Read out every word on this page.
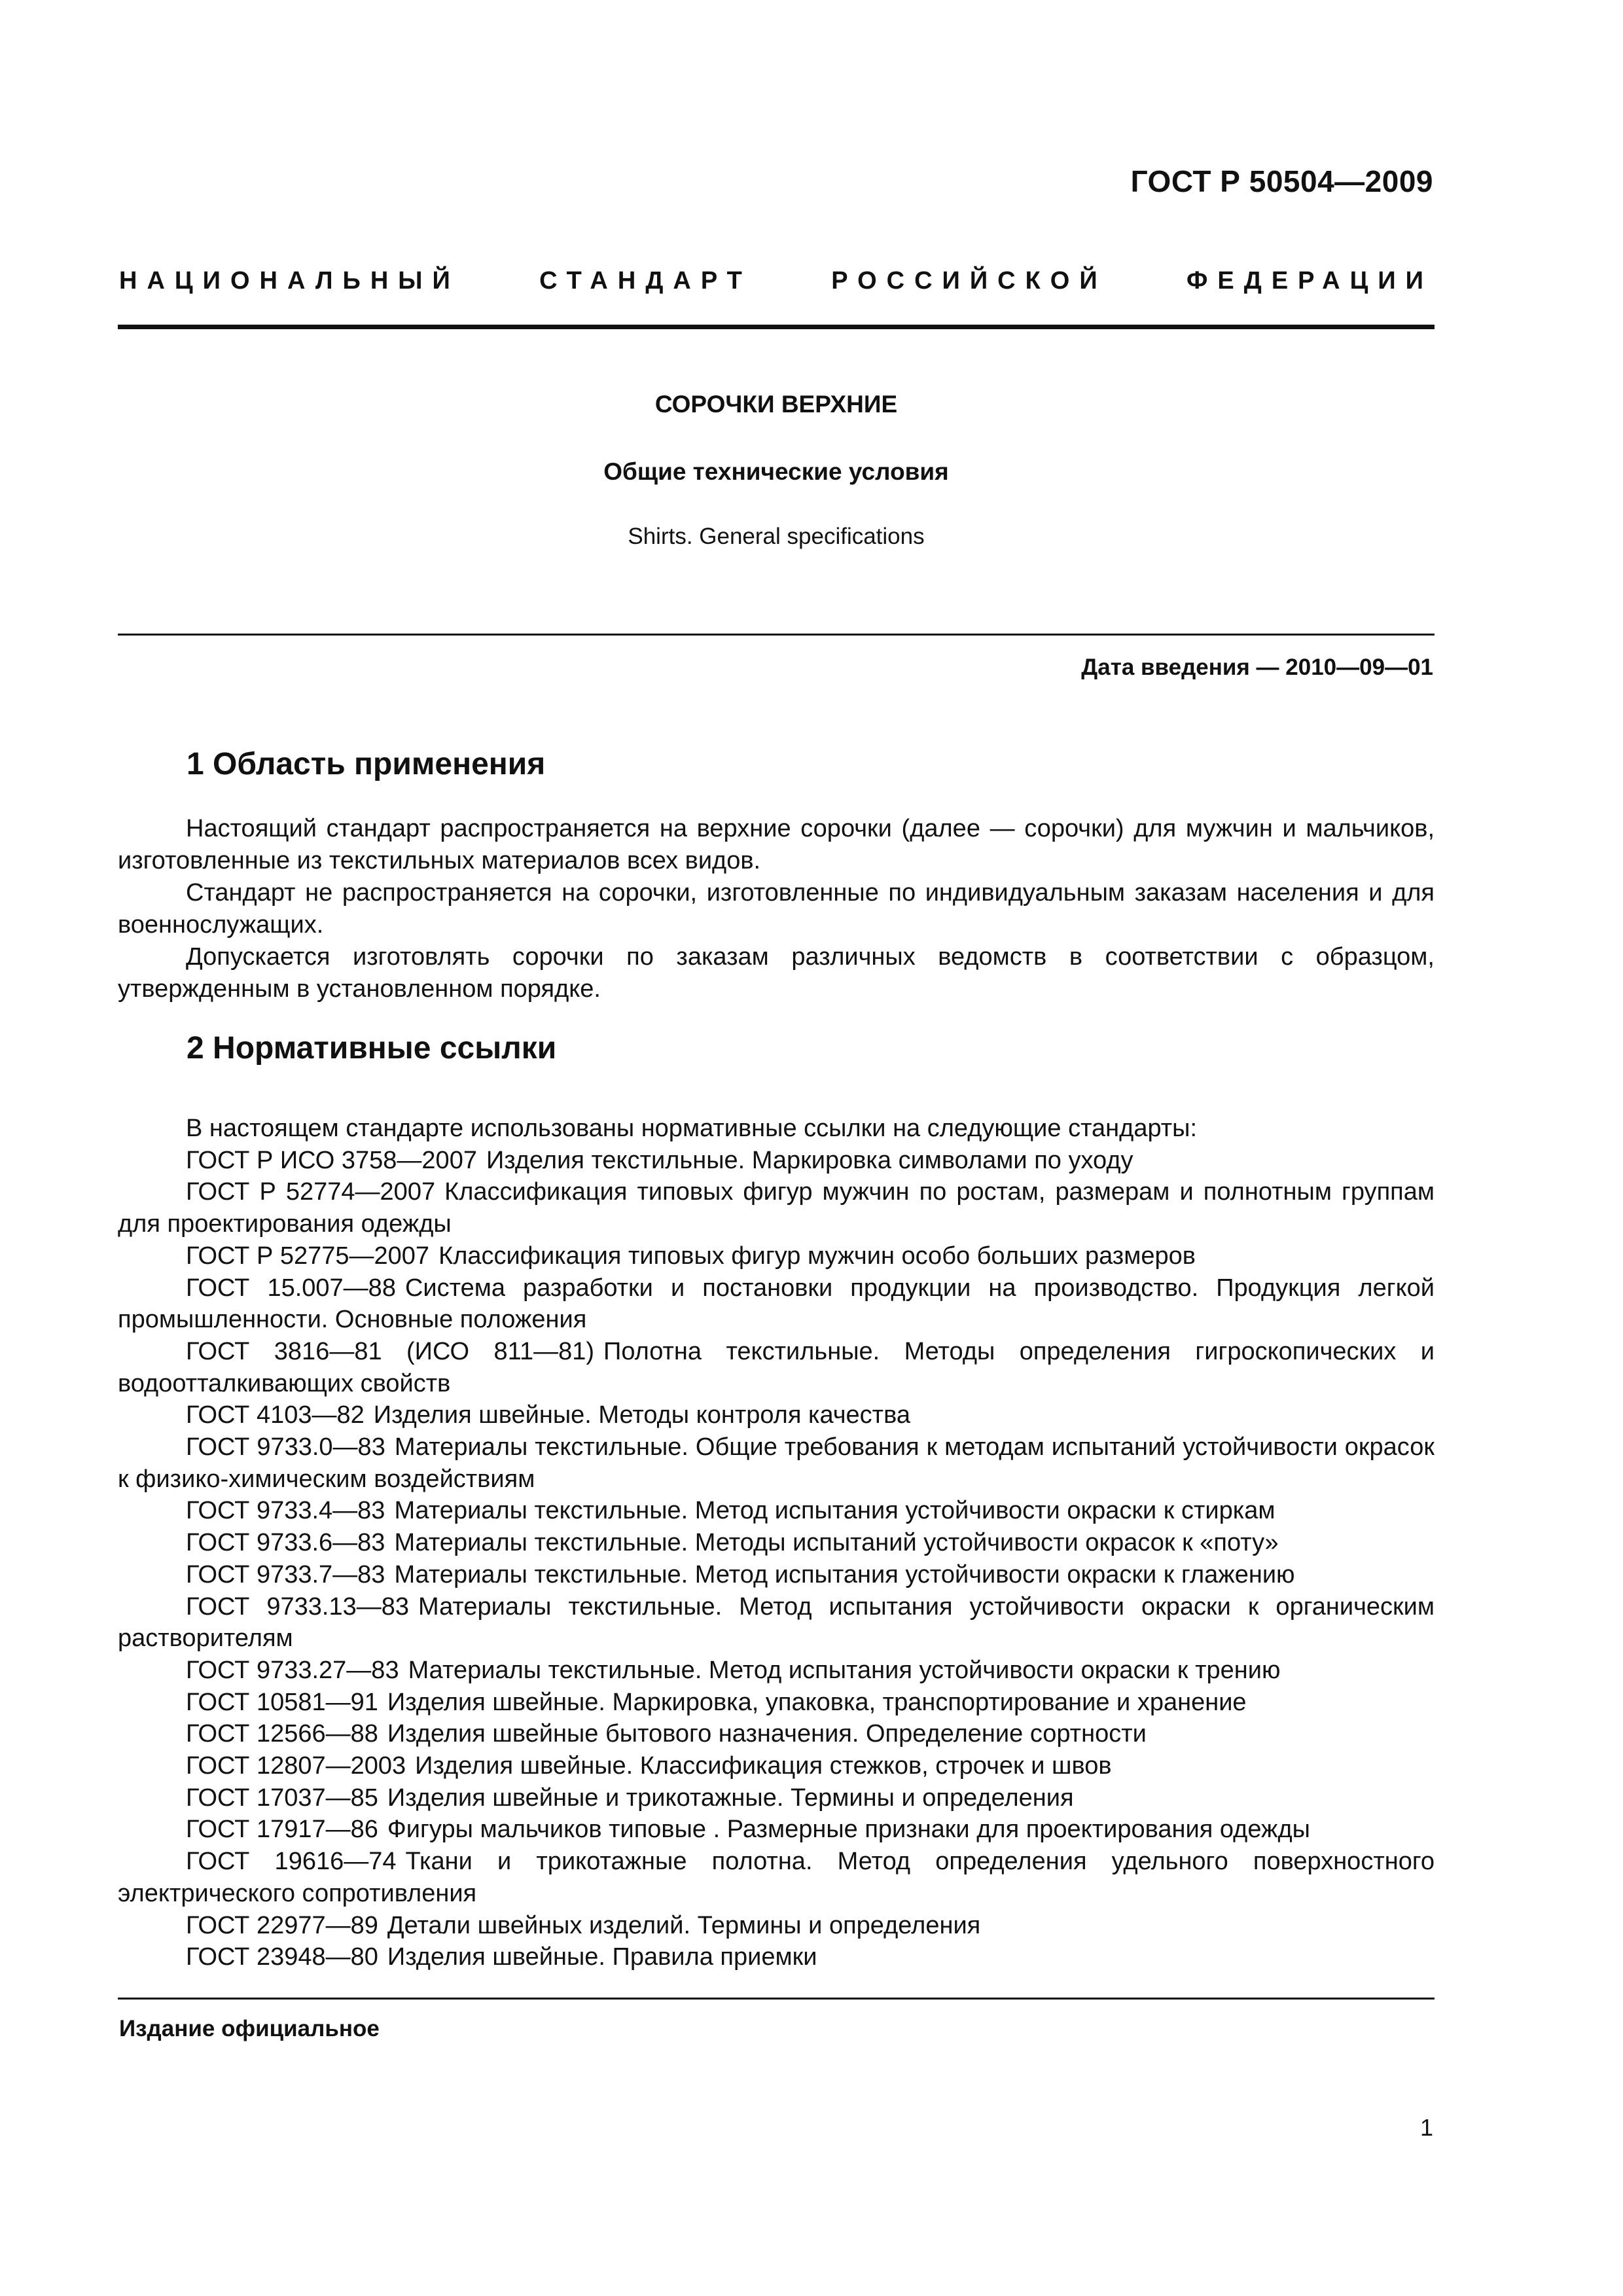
ГОСТ Р 50504—2009
НАЦИОНАЛЬНЫЙ СТАНДАРТ РОССИЙСКОЙ ФЕДЕРАЦИИ
СОРОЧКИ ВЕРХНИЕ
Общие технические условия
Shirts. General specifications
Дата введения — 2010—09—01
1 Область применения

Настоящий стандарт распространяется на верхние сорочки (далее — сорочки) для мужчин и мальчиков, изготовленные из текстильных материалов всех видов.

Стандарт не распространяется на сорочки, изготовленные по индивидуальным заказам населения и для военнослужащих.

Допускается изготовлять сорочки по заказам различных ведомств в соответствии с образцом, утвержденным в установленном порядке.

2 Нормативные ссылки

В настоящем стандарте использованы нормативные ссылки на следующие стандарты:

ГОСТ Р ИСО 3758—2007 Изделия текстильные. Маркировка символами по уходу

ГОСТ Р 52774—2007 Классификация типовых фигур мужчин по ростам, размерам и полнотным группам для проектирования одежды

ГОСТ Р 52775—2007 Классификация типовых фигур мужчин особо больших размеров

ГОСТ 15.007—88 Система разработки и постановки продукции на производство. Продукция легкой промышленности. Основные положения

ГОСТ 3816—81 (ИСО 811—81) Полотна текстильные. Методы определения гигроскопических и водоотталкивающих свойств

ГОСТ 4103—82 Изделия швейные. Методы контроля качества

ГОСТ 9733.0—83 Материалы текстильные. Общие требования к методам испытаний устойчивости окрасок к физико-химическим воздействиям

ГОСТ 9733.4—83 Материалы текстильные. Метод испытания устойчивости окраски к стиркам

ГОСТ 9733.6—83 Материалы текстильные. Методы испытаний устойчивости окрасок к «поту»

ГОСТ 9733.7—83 Материалы текстильные. Метод испытания устойчивости окраски к глажению

ГОСТ 9733.13—83 Материалы текстильные. Метод испытания устойчивости окраски к органическим растворителям

ГОСТ 9733.27—83 Материалы текстильные. Метод испытания устойчивости окраски к трению

ГОСТ 10581—91 Изделия швейные. Маркировка, упаковка, транспортирование и хранение

ГОСТ 12566—88 Изделия швейные бытового назначения. Определение сортности

ГОСТ 12807—2003 Изделия швейные. Классификация стежков, строчек и швов

ГОСТ 17037—85 Изделия швейные и трикотажные. Термины и определения

ГОСТ 17917—86 Фигуры мальчиков типовые . Размерные признаки для проектирования одежды

ГОСТ 19616—74 Ткани и трикотажные полотна. Метод определения удельного поверхностного электрического сопротивления

ГОСТ 22977—89 Детали швейных изделий. Термины и определения

ГОСТ 23948—80 Изделия швейные. Правила приемки

Издание официальное
1
